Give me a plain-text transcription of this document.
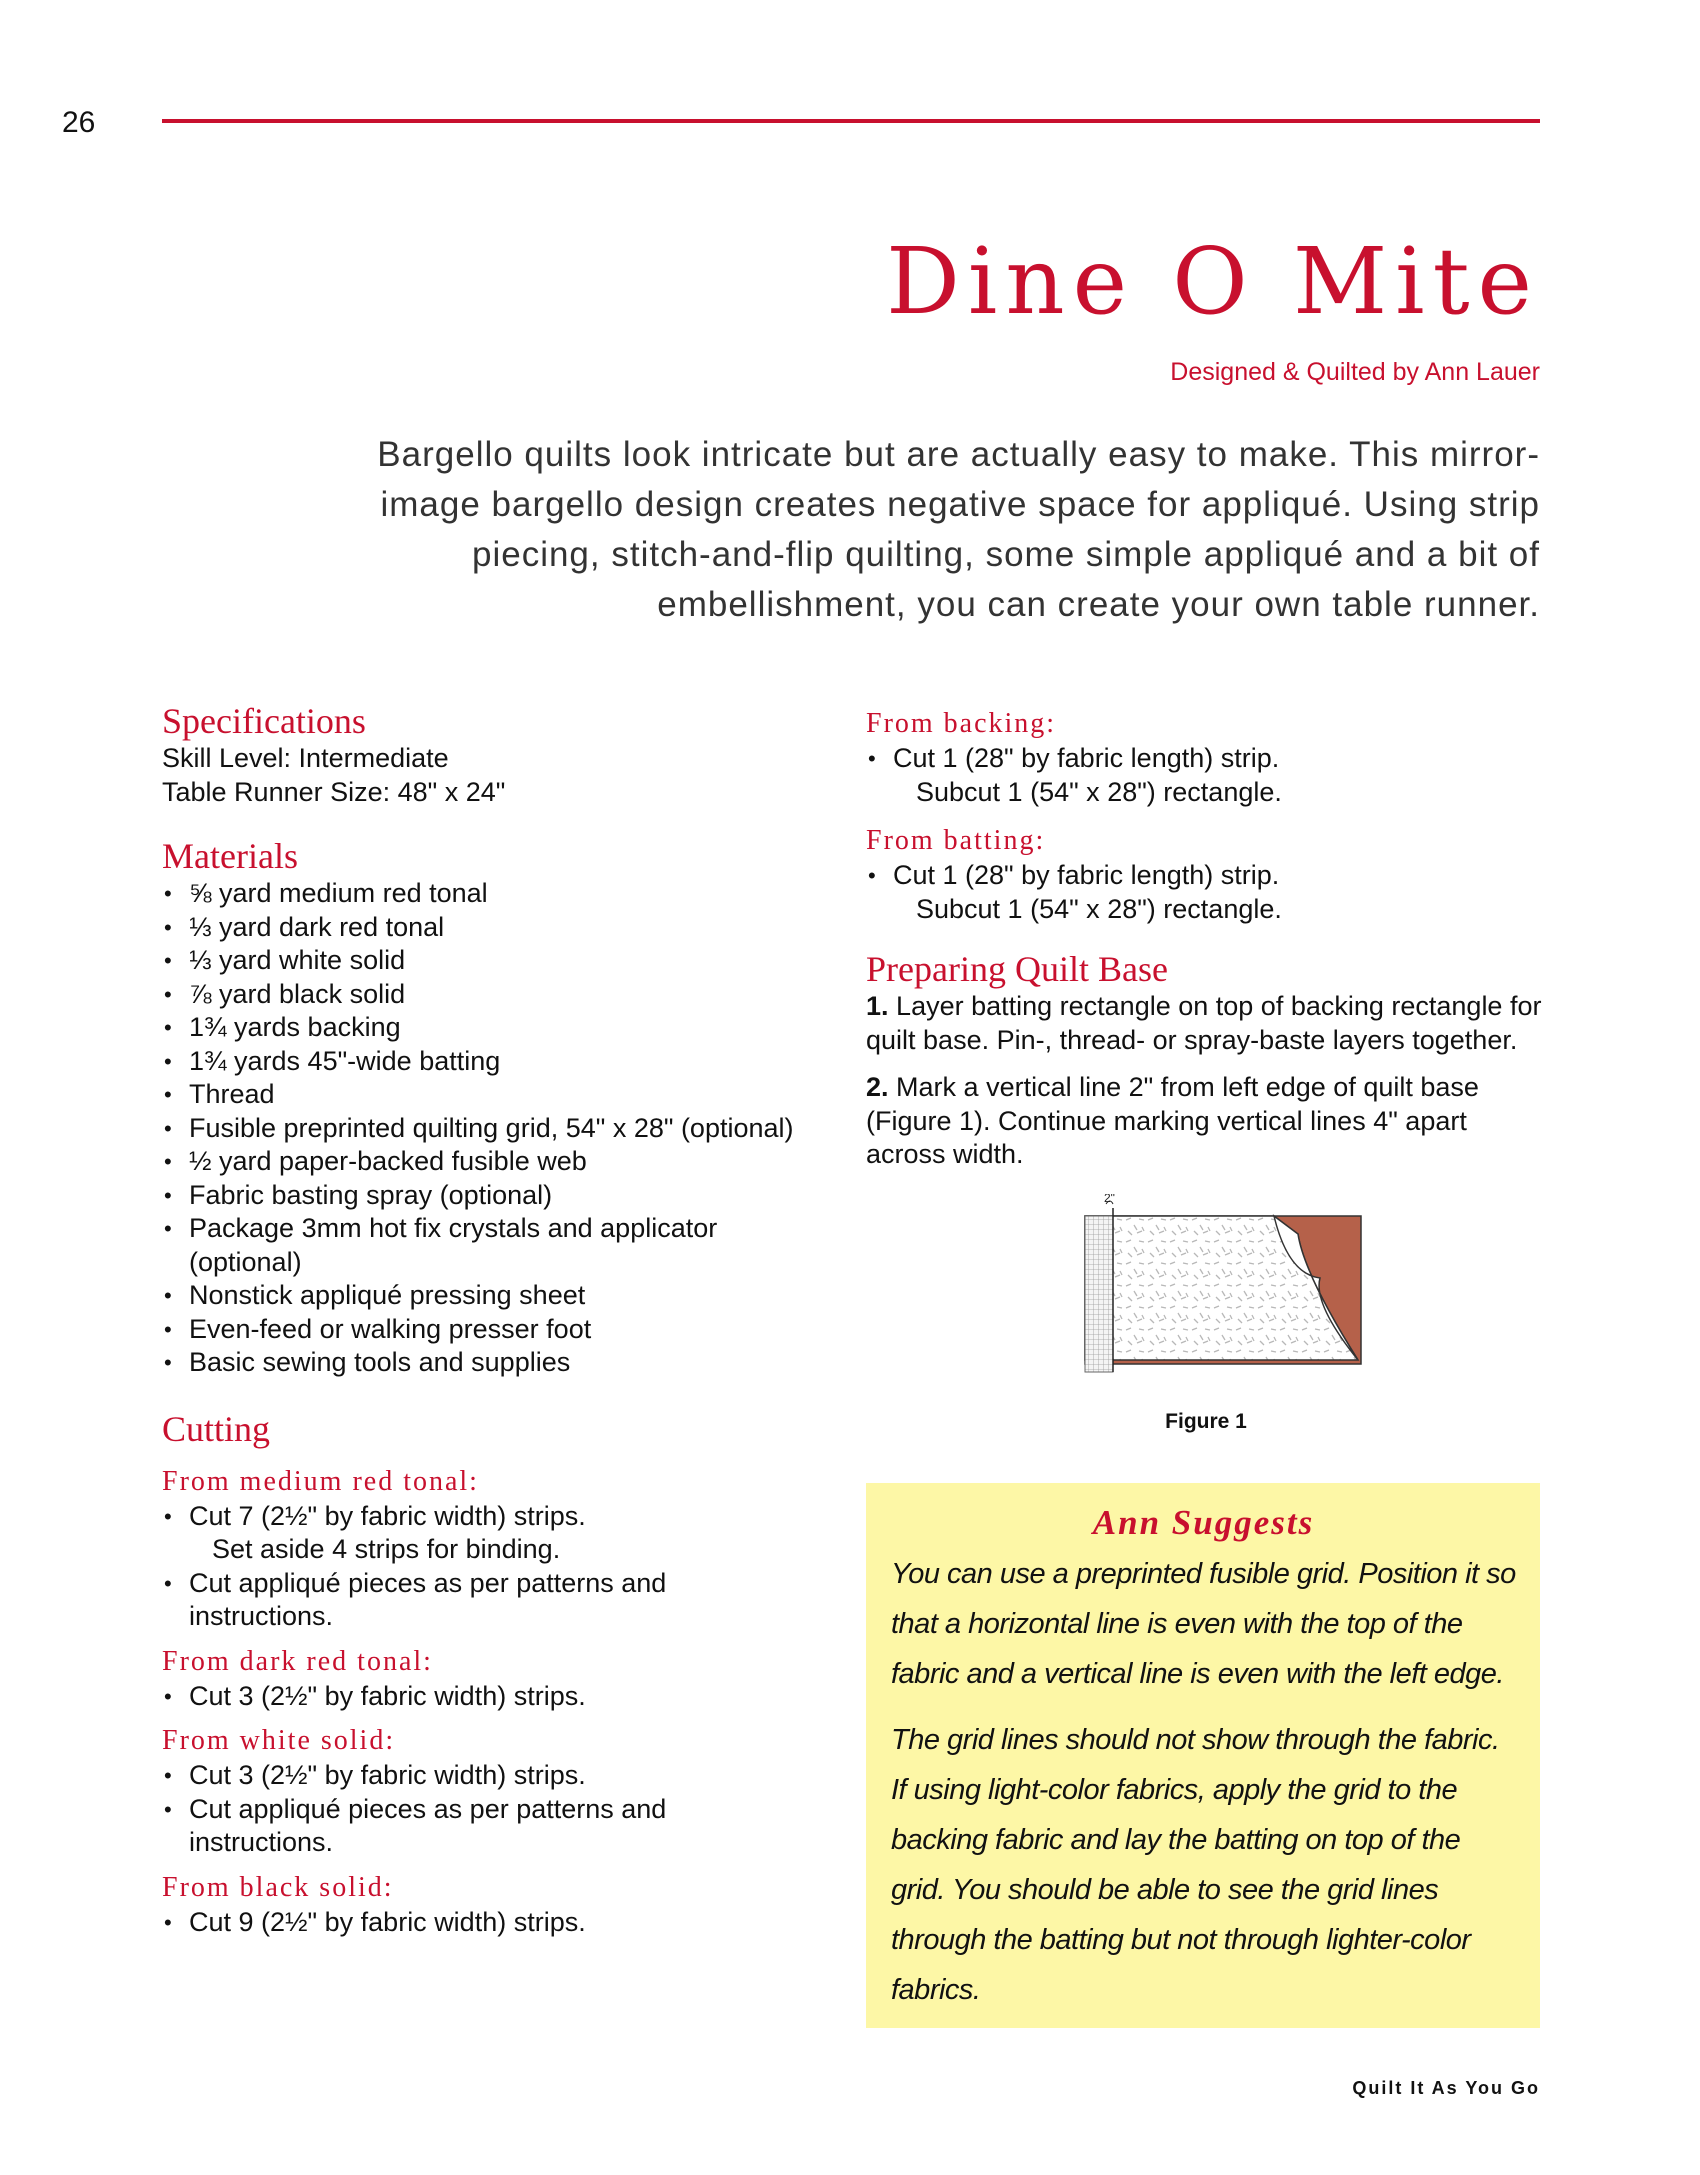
26
Dine O Mite
Designed & Quilted by Ann Lauer

Bargello quilts look intricate but are actually easy to make. This mirror-image bargello design creates negative space for appliqué. Using strip piecing, stitch-and-flip quilting, some simple appliqué and a bit of embellishment, you can create your own table runner.

Specifications
Skill Level: Intermediate
Table Runner Size: 48" x 24"
Materials
• ⅝ yard medium red tonal
• ⅓ yard dark red tonal
• ⅓ yard white solid
• ⅞ yard black solid
• 1¾ yards backing
• 1¾ yards 45"-wide batting
• Thread
• Fusible preprinted quilting grid, 54" x 28" (optional)
• ½ yard paper-backed fusible web
• Fabric basting spray (optional)
• Package 3mm hot fix crystals and applicator (optional)
• Nonstick appliqué pressing sheet
• Even-feed or walking presser foot
• Basic sewing tools and supplies
Cutting
From medium red tonal:
• Cut 7 (2½" by fabric width) strips.
Set aside 4 strips for binding.
• Cut appliqué pieces as per patterns and instructions.
From dark red tonal:
• Cut 3 (2½" by fabric width) strips.
From white solid:
• Cut 3 (2½" by fabric width) strips.
• Cut appliqué pieces as per patterns and instructions.
From black solid:
• Cut 9 (2½" by fabric width) strips.
From backing:
• Cut 1 (28" by fabric length) strip.
Subcut 1 (54" x 28") rectangle.
From batting:
• Cut 1 (28" by fabric length) strip.
Subcut 1 (54" x 28") rectangle.
Preparing Quilt Base

1. Layer batting rectangle on top of backing rectangle for quilt base. Pin-, thread- or spray-baste layers together.

2. Mark a vertical line 2" from left edge of quilt base (Figure 1). Continue marking vertical lines 4" apart across width.

2"
Figure 1
Ann Suggests

You can use a preprinted fusible grid. Position it so that a horizontal line is even with the top of the fabric and a vertical line is even with the left edge.

The grid lines should not show through the fabric. If using light-color fabrics, apply the grid to the backing fabric and lay the batting on top of the grid. You should be able to see the grid lines through the batting but not through lighter-color fabrics.

Quilt It As You Go
